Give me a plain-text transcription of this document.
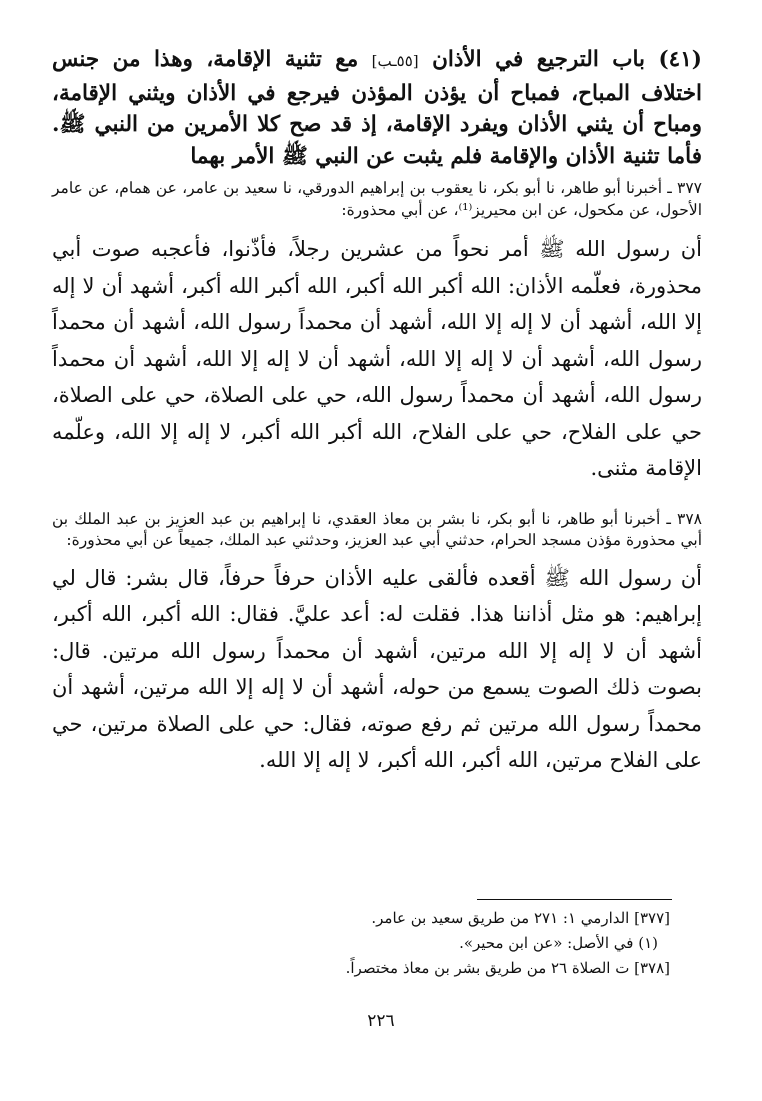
(٤١) باب الترجيع في الأذان [٥٥ـب] مع تثنية الإقامة، وهذا من جنس اختلاف المباح، فمباح أن يؤذن المؤذن فيرجع في الأذان ويثني الإقامة، ومباح أن يثني الأذان ويفرد الإقامة، إذ قد صح كلا الأمرين من النبي ﷺ. فأما تثنية الأذان والإقامة فلم يثبت عن النبي ﷺ الأمر بهما

٣٧٧ ـ أخبرنا أبو طاهر، نا أبو بكر، نا يعقوب بن إبراهيم الدورقي، نا سعيد بن عامر، عن همام، عن عامر الأحول، عن مكحول، عن ابن محيريز⁽¹⁾، عن أبي محذورة:

أن رسول الله ﷺ أمر نحواً من عشرين رجلاً، فأذّنوا، فأعجبه صوت أبي محذورة، فعلّمه الأذان: الله أكبر الله أكبر، الله أكبر الله أكبر، أشهد أن لا إله إلا الله، أشهد أن لا إله إلا الله، أشهد أن محمداً رسول الله، أشهد أن محمداً رسول الله، أشهد أن لا إله إلا الله، أشهد أن لا إله إلا الله، أشهد أن محمداً رسول الله، أشهد أن محمداً رسول الله، حي على الصلاة، حي على الصلاة، حي على الفلاح، حي على الفلاح، الله أكبر الله أكبر، لا إله إلا الله، وعلّمه الإقامة مثنى.

٣٧٨ ـ أخبرنا أبو طاهر، نا أبو بكر، نا بشر بن معاذ العقدي، نا إبراهيم بن عبد العزيز بن عبد الملك بن أبي محذورة مؤذن مسجد الحرام، حدثني أبي عبد العزيز، وحدثني عبد الملك، جميعاً عن أبي محذورة:

أن رسول الله ﷺ أقعده فألقى عليه الأذان حرفاً حرفاً، قال بشر: قال لي إبراهيم: هو مثل أذاننا هذا. فقلت له: أعد عليَّ. فقال: الله أكبر، الله أكبر، أشهد أن لا إله إلا الله مرتين، أشهد أن محمداً رسول الله مرتين. قال: بصوت ذلك الصوت يسمع من حوله، أشهد أن لا إله إلا الله مرتين، أشهد أن محمداً رسول الله مرتين ثم رفع صوته، فقال: حي على الصلاة مرتين، حي على الفلاح مرتين، الله أكبر، الله أكبر، لا إله إلا الله.

[٣٧٧] الدارمي ١: ٢٧١ من طريق سعيد بن عامر.

(١) في الأصل: «عن ابن محير».

[٣٧٨] ت الصلاة ٢٦ من طريق بشر بن معاذ مختصراً.

٢٢٦
